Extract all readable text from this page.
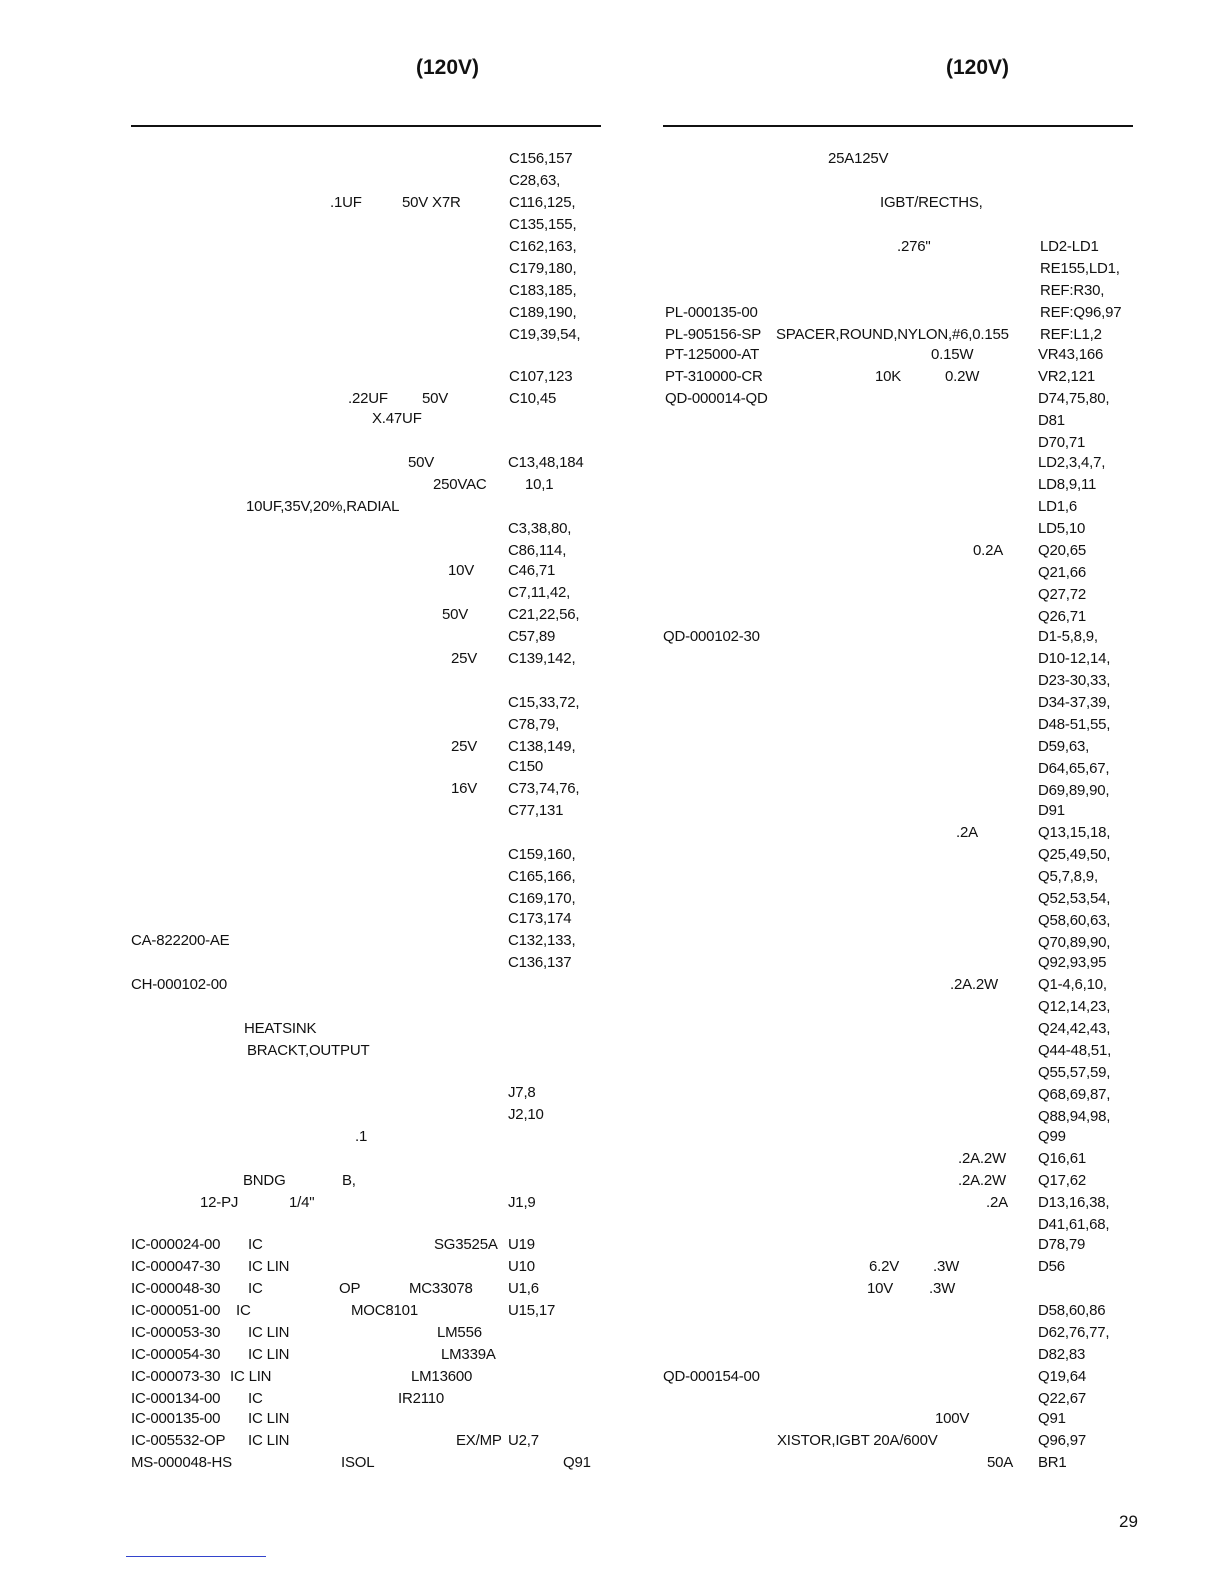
(120V)	(120V)
C156,157
C28,63,
.1UF	50V X7R	C116,125,
C135,155,
C162,163,
C179,180,
C183,185,
C189,190,
C19,39,54,
C107,123
.22UF 50V	C10,45
X.47UF
50V	C13,48,184
250VAC	10,1
10UF,35V,20%,RADIAL
C3,38,80,
C86,114,
10V C46,71
C7,11,42,
50V	C21,22,56,
C57,89
25V C139,142,
C15,33,72,
C78,79,
25V C138,149,
C150
16V C73,74,76,
C77,131
C159,160,
C165,166,
C169,170,
C173,174
CA-822200-AE	C132,133,
C136,137
CH-000102-00
HEATSINK
BRACKT,OUTPUT
J7,8
J2,10
.1
BNDG	B,
12-PJ	1/4"	J1,9
IC-000024-00 IC	SG3525A U19
IC-000047-30 IC LIN	U10
IC-000048-30 IC	OP	MC33078 U1,6
IC-000051-00 IC	MOC8101	U15,17
IC-000053-30 IC LIN	LM556
IC-000054-30 IC LIN	LM339A
IC-000073-30 IC LIN	LM13600
IC-000134-00 IC	IR2110
IC-000135-00 IC LIN
IC-005532-OP IC LIN	EX/MP U2,7
MS-000048-HS	ISOL	Q91
25A125V
IGBT/RECTHS,
.276"	LD2-LD1
RE155,LD1,
REF:R30,
PL-000135-00	REF:Q96,97
PL-905156-SP SPACER,ROUND,NYLON,#6,0.155 REF:L1,2
PT-125000-AT	0.15W	VR43,166
PT-310000-CR	10K	0.2W	VR2,121
QD-000014-QD	D74,75,80,
D81
D70,71
LD2,3,4,7,
LD8,9,11
LD1,6
LD5,10
0.2A Q20,65
Q21,66
Q27,72
Q26,71
QD-000102-30	D1-5,8,9,
D10-12,14,
D23-30,33,
D34-37,39,
D48-51,55,
D59,63,
D64,65,67,
D69,89,90,
D91
.2A	Q13,15,18,
Q25,49,50,
Q5,7,8,9,
Q52,53,54,
Q58,60,63,
Q70,89,90,
Q92,93,95
.2A.2W	Q1-4,6,10,
Q12,14,23,
Q24,42,43,
Q44-48,51,
Q55,57,59,
Q68,69,87,
Q88,94,98,
Q99
.2A.2W Q16,61
.2A.2W Q17,62
.2A D13,16,38,
D41,61,68,
D78,79
6.2V .3W	D56
10V .3W
D58,60,86
D62,76,77,
D82,83
QD-000154-00	Q19,64
Q22,67
100V	Q91
XISTOR,IGBT 20A/600V	Q96,97
50A BR1
29
